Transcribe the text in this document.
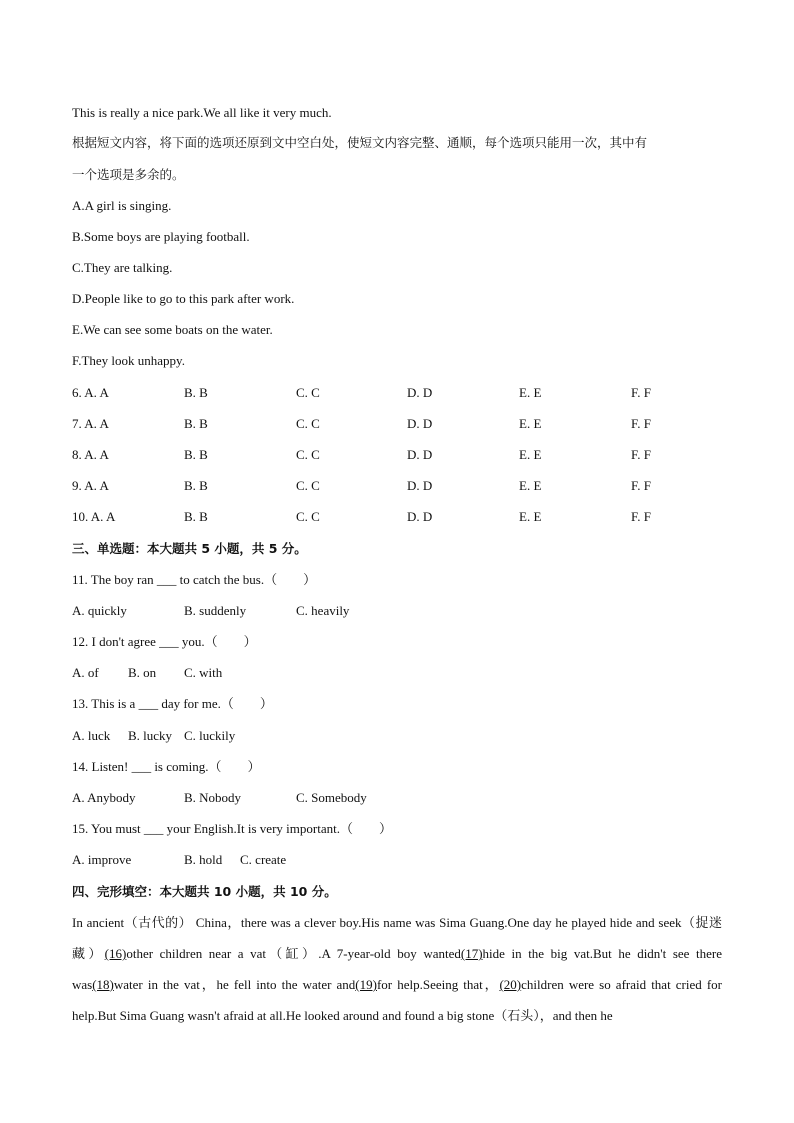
This is really a nice park.We all like it very much.
根据短文内容，将下面的选项还原到文中空白处，使短文内容完整、通顺，每个选项只能用一次，其中有
一个选项是多余的。
A.A girl is singing.
B.Some boys are playing football.
C.They are talking.
D.People like to go to this park after work.
E.We can see some boats on the water.
F.They look unhappy.
6. A. A	B. B	C. C	D. D	E. E	F. F
7. A. A	B. B	C. C	D. D	E. E	F. F
8. A. A	B. B	C. C	D. D	E. E	F. F
9. A. A	B. B	C. C	D. D	E. E	F. F
10. A. A	B. B	C. C	D. D	E. E	F. F
三、单选题：本大题共 5 小题，共 5 分。
11. The boy ran ___ to catch the bus.（　　）
A. quickly	B. suddenly	C. heavily
12. I don't agree ___ you.（　　）
A. of B. on C. with
13. This is a ___ day for me.（　　）
A. luck B. lucky C. luckily
14. Listen! ___ is coming.（　　）
A. Anybody	B. Nobody	C. Somebody
15. You must ___ your English.It is very important.（　　）
A. improve	B. hold C. create
四、完形填空：本大题共 10 小题，共 10 分。
In ancient（古代的） China，there was a clever boy.His name was Sima Guang.One day he played hide and seek（捉迷藏）(16)other children near a vat（缸）.A 7-year-old boy wanted(17)hide in the big vat.But he didn't see there was(18)water in the vat，he fell into the water and(19)for help.Seeing that，(20)children were so afraid that cried for help.But Sima Guang wasn't afraid at all.He looked around and found a big stone（石头），and then he
